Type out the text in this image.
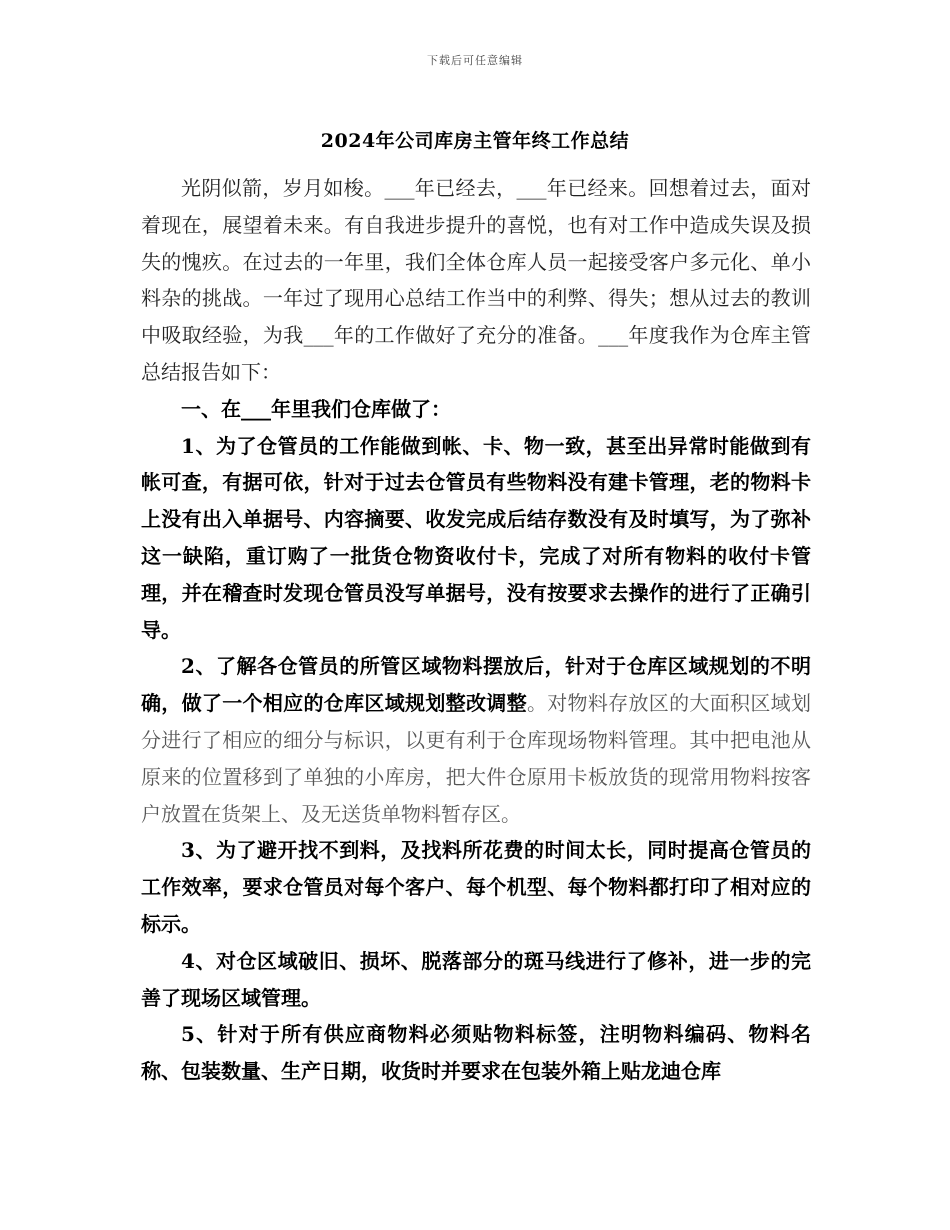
下载后可任意编辑
2024年公司库房主管年终工作总结

光阴似箭，岁月如梭。___年已经去，___年已经来。回想着过去，面对着现在，展望着未来。有自我进步提升的喜悦，也有对工作中造成失误及损失的愧疚。在过去的一年里，我们全体仓库人员一起接受客户多元化、单小料杂的挑战。一年过了现用心总结工作当中的利弊、得失；想从过去的教训中吸取经验，为我___年的工作做好了充分的准备。___年度我作为仓库主管总结报告如下：

一、在___年里我们仓库做了：

1、为了仓管员的工作能做到帐、卡、物一致，甚至出异常时能做到有帐可查，有据可依，针对于过去仓管员有些物料没有建卡管理，老的物料卡上没有出入单据号、内容摘要、收发完成后结存数没有及时填写，为了弥补这一缺陷，重订购了一批货仓物资收付卡，完成了对所有物料的收付卡管理，并在稽查时发现仓管员没写单据号，没有按要求去操作的进行了正确引导。

2、了解各仓管员的所管区域物料摆放后，针对于仓库区域规划的不明确，做了一个相应的仓库区域规划整改调整。对物料存放区的大面积区域划分进行了相应的细分与标识，以更有利于仓库现场物料管理。其中把电池从原来的位置移到了单独的小库房，把大件仓原用卡板放货的现常用物料按客户放置在货架上、及无送货单物料暂存区。

3、为了避开找不到料，及找料所花费的时间太长，同时提高仓管员的工作效率，要求仓管员对每个客户、每个机型、每个物料都打印了相对应的标示。

4、对仓区域破旧、损坏、脱落部分的斑马线进行了修补，进一步的完善了现场区域管理。

5、针对于所有供应商物料必须贴物料标签，注明物料编码、物料名称、包装数量、生产日期，收货时并要求在包装外箱上贴龙迪仓库
